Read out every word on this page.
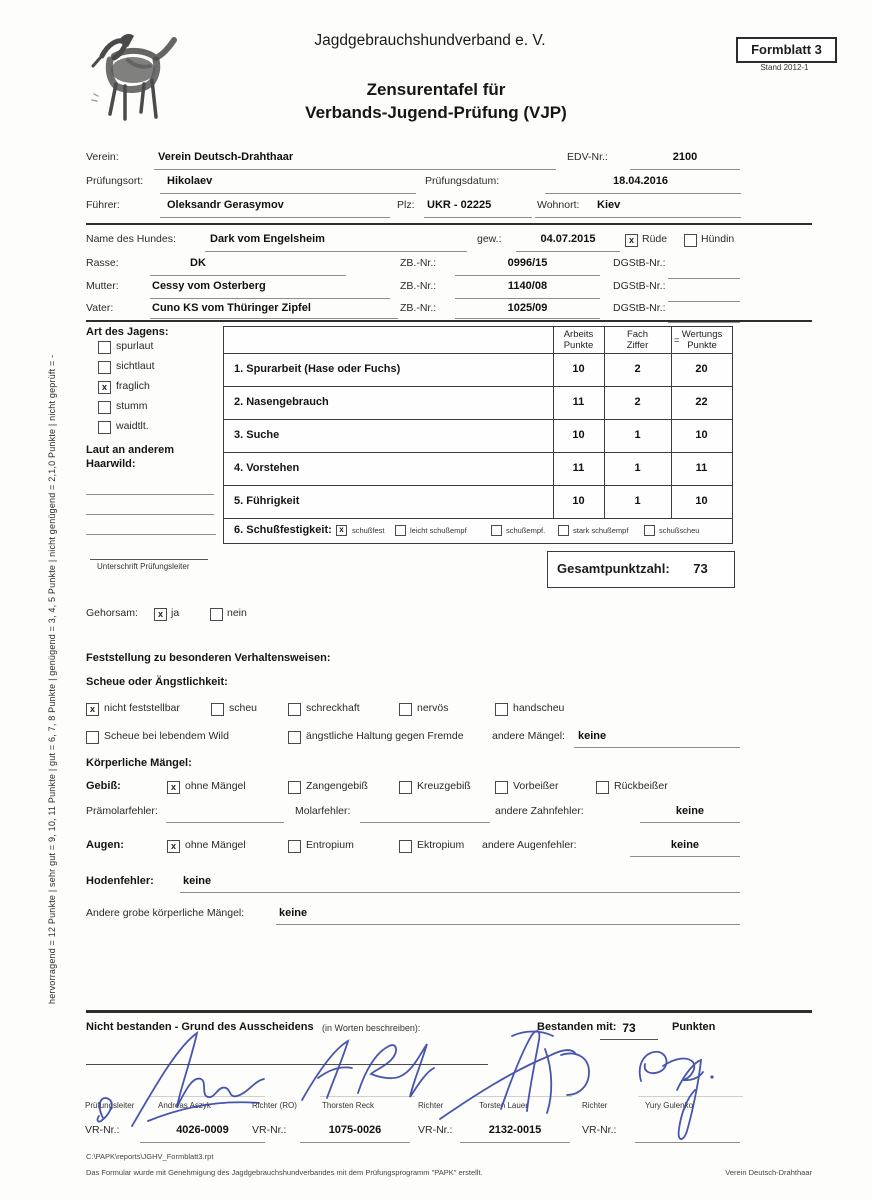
Jagdgebrauchshundverband e. V.
Formblatt 3
Stand 2012-1
Zensurentafel für
Verbands-Jugend-Prüfung (VJP)
hervorragend = 12 Punkte | sehr gut = 9, 10, 11 Punkte | gut = 6, 7, 8 Punkte | genügend = 3, 4, 5 Punkte | nicht genügend = 2,1,0 Punkte | nicht geprüft = -
Verein:	Verein Deutsch-Drahthaar	EDV-Nr.:	2100
Prüfungsort: Hikolaev	Prüfungsdatum:	18.04.2016
Führer:	Oleksandr Gerasymov	Plz: UKR - 02225	Wohnort: Kiev
Name des Hundes:	Dark vom Engelsheim	gew.:	04.07.2015	x Rüde	Hündin
Rasse:	DK	ZB.-Nr.:	0996/15	DGStB-Nr.:
Mutter:	Cessy vom Osterberg	ZB.-Nr.:	1140/08	DGStB-Nr.:
Vater:	Cuno KS vom Thüringer Zipfel	ZB.-Nr.:	1025/09	DGStB-Nr.:
Art des Jagens:
spurlaut
sichtlaut
x fraglich
stumm
waidtlt.
Laut an anderem
Haarwild:
Unterschrift Prüfungsleiter
Arbeits
Punkte
Fach
Ziffer	=
Wertungs
Punkte
1. Spurarbeit (Hase oder Fuchs)	10	2	20
2. Nasengebrauch	11	2	22
3. Suche	10	1	10
4. Vorstehen	11	1	11
5. Führigkeit	10	1	10
6. Schußfestigkeit: x	schußfest	leicht schußempf	schußempf.	stark schußempf	schußscheu
Gesamtpunktzahl:	73
Gehorsam:	x ja	nein
Feststellung zu besonderen Verhaltensweisen:
Scheue oder Ängstlichkeit:
x nicht feststellbar	scheu	schreckhaft	nervös	handscheu
Scheue bei lebendem Wild	ängstliche Haltung gegen Fremde	andere Mängel: keine
Körperliche Mängel:
Gebiß:	x ohne Mängel	Zangengebiß	Kreuzgebiß	Vorbeißer	Rückbeißer
Prämolarfehler:	Molarfehler:	andere Zahnfehler:	keine
Augen:	x ohne Mängel	Entropium	Ektropium andere Augenfehler:	keine
Hodenfehler:	keine
Andere grobe körperliche Mängel:	keine
Nicht bestanden - Grund des Ausscheidens (in Worten beschreiben):	Bestanden mit: 73	Punkten
Prüfungsleiter	Andreas Aszyk	Richter (RO)	Thorsten Reck	Richter	Torsten Lauer	Richter	Yury Gulenko
VR-Nr.:	4026-0009	VR-Nr.:	1075-0026	VR-Nr.:	2132-0015	VR-Nr.:
C:\PAPK\reports\JGHV_Formblatt3.rpt
Das Formular wurde mit Genehmigung des Jagdgebrauchshundverbandes mit dem Prüfungsprogramm "PAPK" erstellt.	Verein Deutsch-Drahthaar
